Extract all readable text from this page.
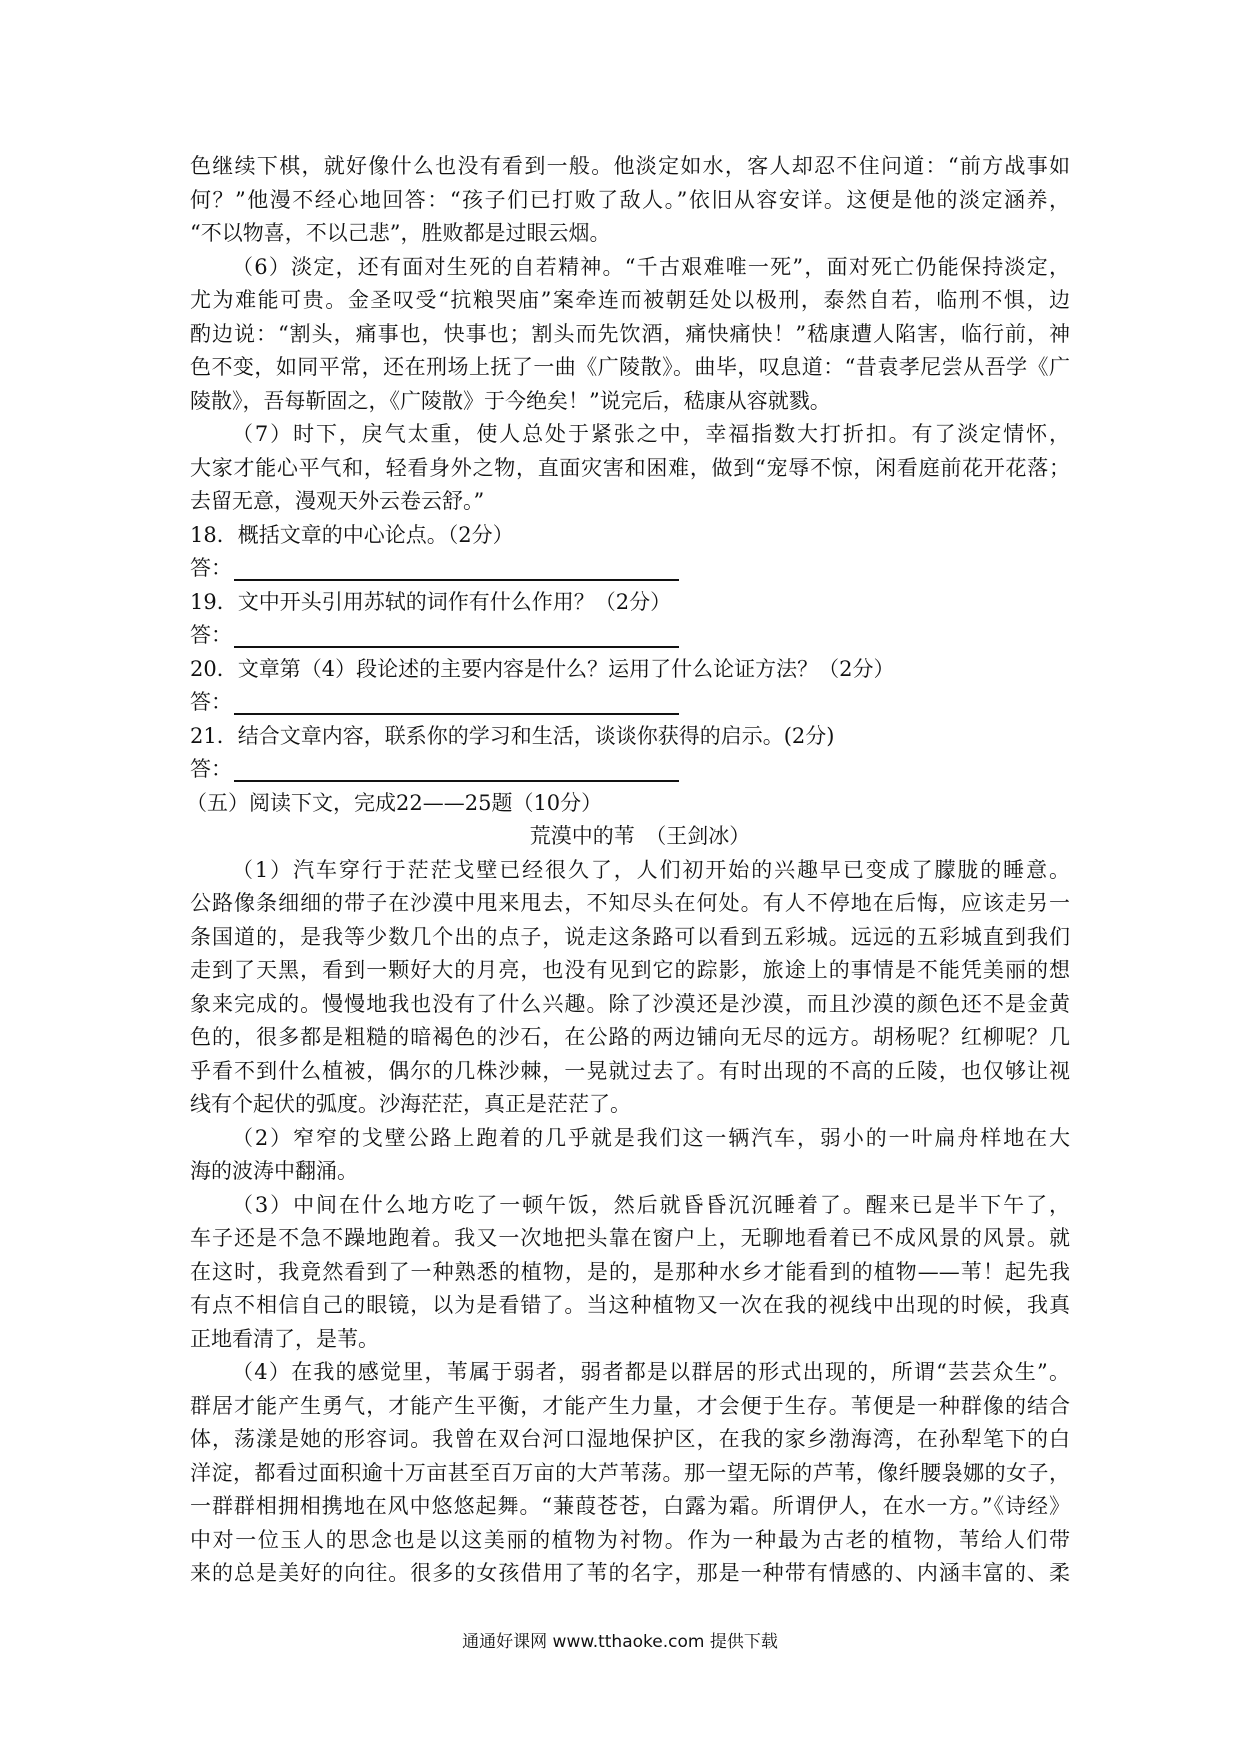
色继续下棋，就好像什么也没有看到一般。他淡定如水，客人却忍不住问道：“前方战事如
何？”他漫不经心地回答：“孩子们已打败了敌人。”依旧从容安详。这便是他的淡定涵养，
“不以物喜，不以己悲”，胜败都是过眼云烟。
（6）淡定，还有面对生死的自若精神。“千古艰难唯一死”，面对死亡仍能保持淡定，
尤为难能可贵。金圣叹受“抗粮哭庙”案牵连而被朝廷处以极刑，泰然自若，临刑不惧，边
酌边说：“割头，痛事也，快事也；割头而先饮酒，痛快痛快！”嵇康遭人陷害，临行前，神
色不变，如同平常，还在刑场上抚了一曲《广陵散》。曲毕，叹息道：“昔袁孝尼尝从吾学《广
陵散》，吾每靳固之，《广陵散》于今绝矣！”说完后，嵇康从容就戮。
（7）时下，戾气太重，使人总处于紧张之中，幸福指数大打折扣。有了淡定情怀，
大家才能心平气和，轻看身外之物，直面灾害和困难，做到“宠辱不惊，闲看庭前花开花落；
去留无意，漫观天外云卷云舒。”
18．概括文章的中心论点。（2分）
答：
19．文中开头引用苏轼的词作有什么作用？（2分）
答：
20．文章第（4）段论述的主要内容是什么？运用了什么论证方法？（2分）
答：
21．结合文章内容，联系你的学习和生活，谈谈你获得的启示。(2分)
答：
（五）阅读下文，完成22——25题（10分）
荒漠中的苇　（王剑冰）
（1）汽车穿行于茫茫戈壁已经很久了，人们初开始的兴趣早已变成了朦胧的睡意。
公路像条细细的带子在沙漠中甩来甩去，不知尽头在何处。有人不停地在后悔，应该走另一
条国道的，是我等少数几个出的点子，说走这条路可以看到五彩城。远远的五彩城直到我们
走到了天黑，看到一颗好大的月亮，也没有见到它的踪影，旅途上的事情是不能凭美丽的想
象来完成的。慢慢地我也没有了什么兴趣。除了沙漠还是沙漠，而且沙漠的颜色还不是金黄
色的，很多都是粗糙的暗褐色的沙石，在公路的两边铺向无尽的远方。胡杨呢？红柳呢？几
乎看不到什么植被，偶尔的几株沙棘，一晃就过去了。有时出现的不高的丘陵，也仅够让视
线有个起伏的弧度。沙海茫茫，真正是茫茫了。
（2）窄窄的戈壁公路上跑着的几乎就是我们这一辆汽车，弱小的一叶扁舟样地在大
海的波涛中翻涌。
（3）中间在什么地方吃了一顿午饭，然后就昏昏沉沉睡着了。醒来已是半下午了，
车子还是不急不躁地跑着。我又一次地把头靠在窗户上，无聊地看着已不成风景的风景。就
在这时，我竟然看到了一种熟悉的植物，是的，是那种水乡才能看到的植物——苇！起先我
有点不相信自己的眼镜，以为是看错了。当这种植物又一次在我的视线中出现的时候，我真
正地看清了，是苇。
（4）在我的感觉里，苇属于弱者，弱者都是以群居的形式出现的，所谓“芸芸众生”。
群居才能产生勇气，才能产生平衡，才能产生力量，才会便于生存。苇便是一种群像的结合
体，荡漾是她的形容词。我曾在双台河口湿地保护区，在我的家乡渤海湾，在孙犁笔下的白
洋淀，都看过面积逾十万亩甚至百万亩的大芦苇荡。那一望无际的芦苇，像纤腰袅娜的女子，
一群群相拥相携地在风中悠悠起舞。“蒹葭苍苍，白露为霜。所谓伊人，在水一方。”《诗经》
中对一位玉人的思念也是以这美丽的植物为衬物。作为一种最为古老的植物，苇给人们带
来的总是美好的向往。很多的女孩借用了苇的名字，那是一种带有情感的、内涵丰富的、柔
通通好课网 www.tthaoke.com 提供下载
